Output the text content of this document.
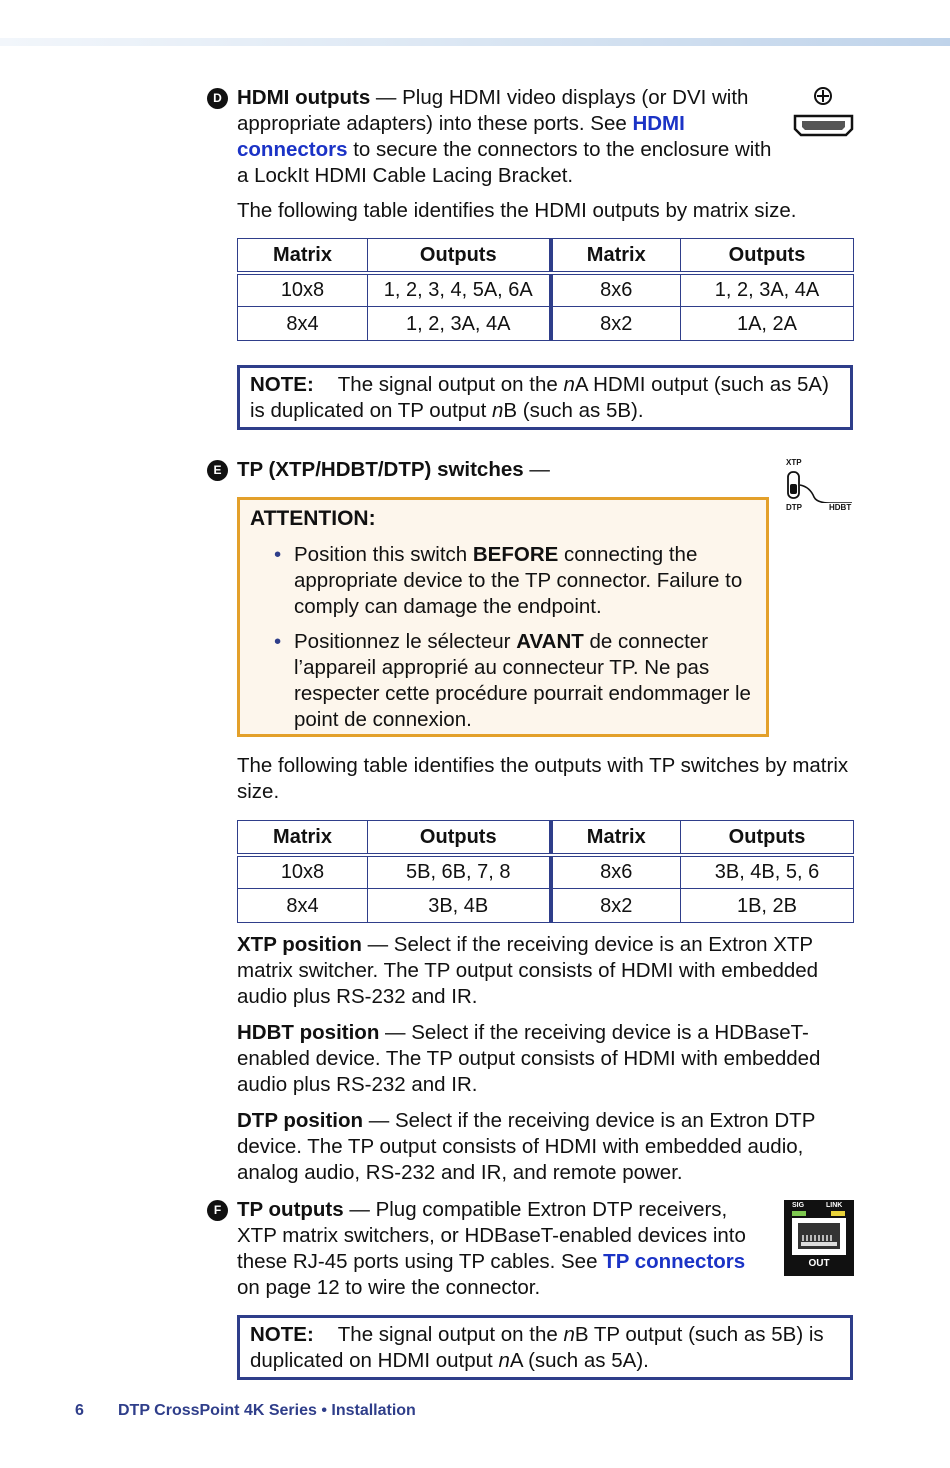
D HDMI outputs — Plug HDMI video displays (or DVI with appropriate adapters) into these ports. See HDMI connectors to secure the connectors to the enclosure with a LockIt HDMI Cable Lacing Bracket.
The following table identifies the HDMI outputs by matrix size.
Matrix	Outputs	Matrix	Outputs
10x8	1, 2, 3, 4, 5A, 6A	8x6	1, 2, 3A, 4A
8x4	1, 2, 3A, 4A	8x2	1A, 2A
NOTE: The signal output on the nA HDMI output (such as 5A) is duplicated on TP output nB (such as 5B).
E TP (XTP/HDBT/DTP) switches —	XTP
DTP	HDBT
ATTENTION:
• Position this switch BEFORE connecting the appropriate device to the TP connector. Failure to comply can damage the endpoint.
• Positionnez le sélecteur AVANT de connecter l’appareil approprié au connecteur TP. Ne pas respecter cette procédure pourrait endommager le point de connexion.
The following table identifies the outputs with TP switches by matrix size.
Matrix	Outputs	Matrix	Outputs
10x8	5B, 6B, 7, 8	8x6	3B, 4B, 5, 6
8x4	3B, 4B	8x2	1B, 2B
XTP position — Select if the receiving device is an Extron XTP matrix switcher. The TP output consists of HDMI with embedded audio plus RS-232 and IR.
HDBT position — Select if the receiving device is a HDBaseT-enabled device. The TP output consists of HDMI with embedded audio plus RS-232 and IR.
DTP position — Select if the receiving device is an Extron DTP device. The TP output consists of HDMI with embedded audio, analog audio, RS-232 and IR, and remote power.
F TP outputs — Plug compatible Extron DTP receivers, XTP matrix switchers, or HDBaseT-enabled devices into these RJ-45 ports using TP cables. See TP connectors on page 12 to wire the connector.
SIG	LINK
OUT
NOTE: The signal output on the nB TP output (such as 5B) is duplicated on HDMI output nA (such as 5A).
6 DTP CrossPoint 4K Series • Installation
